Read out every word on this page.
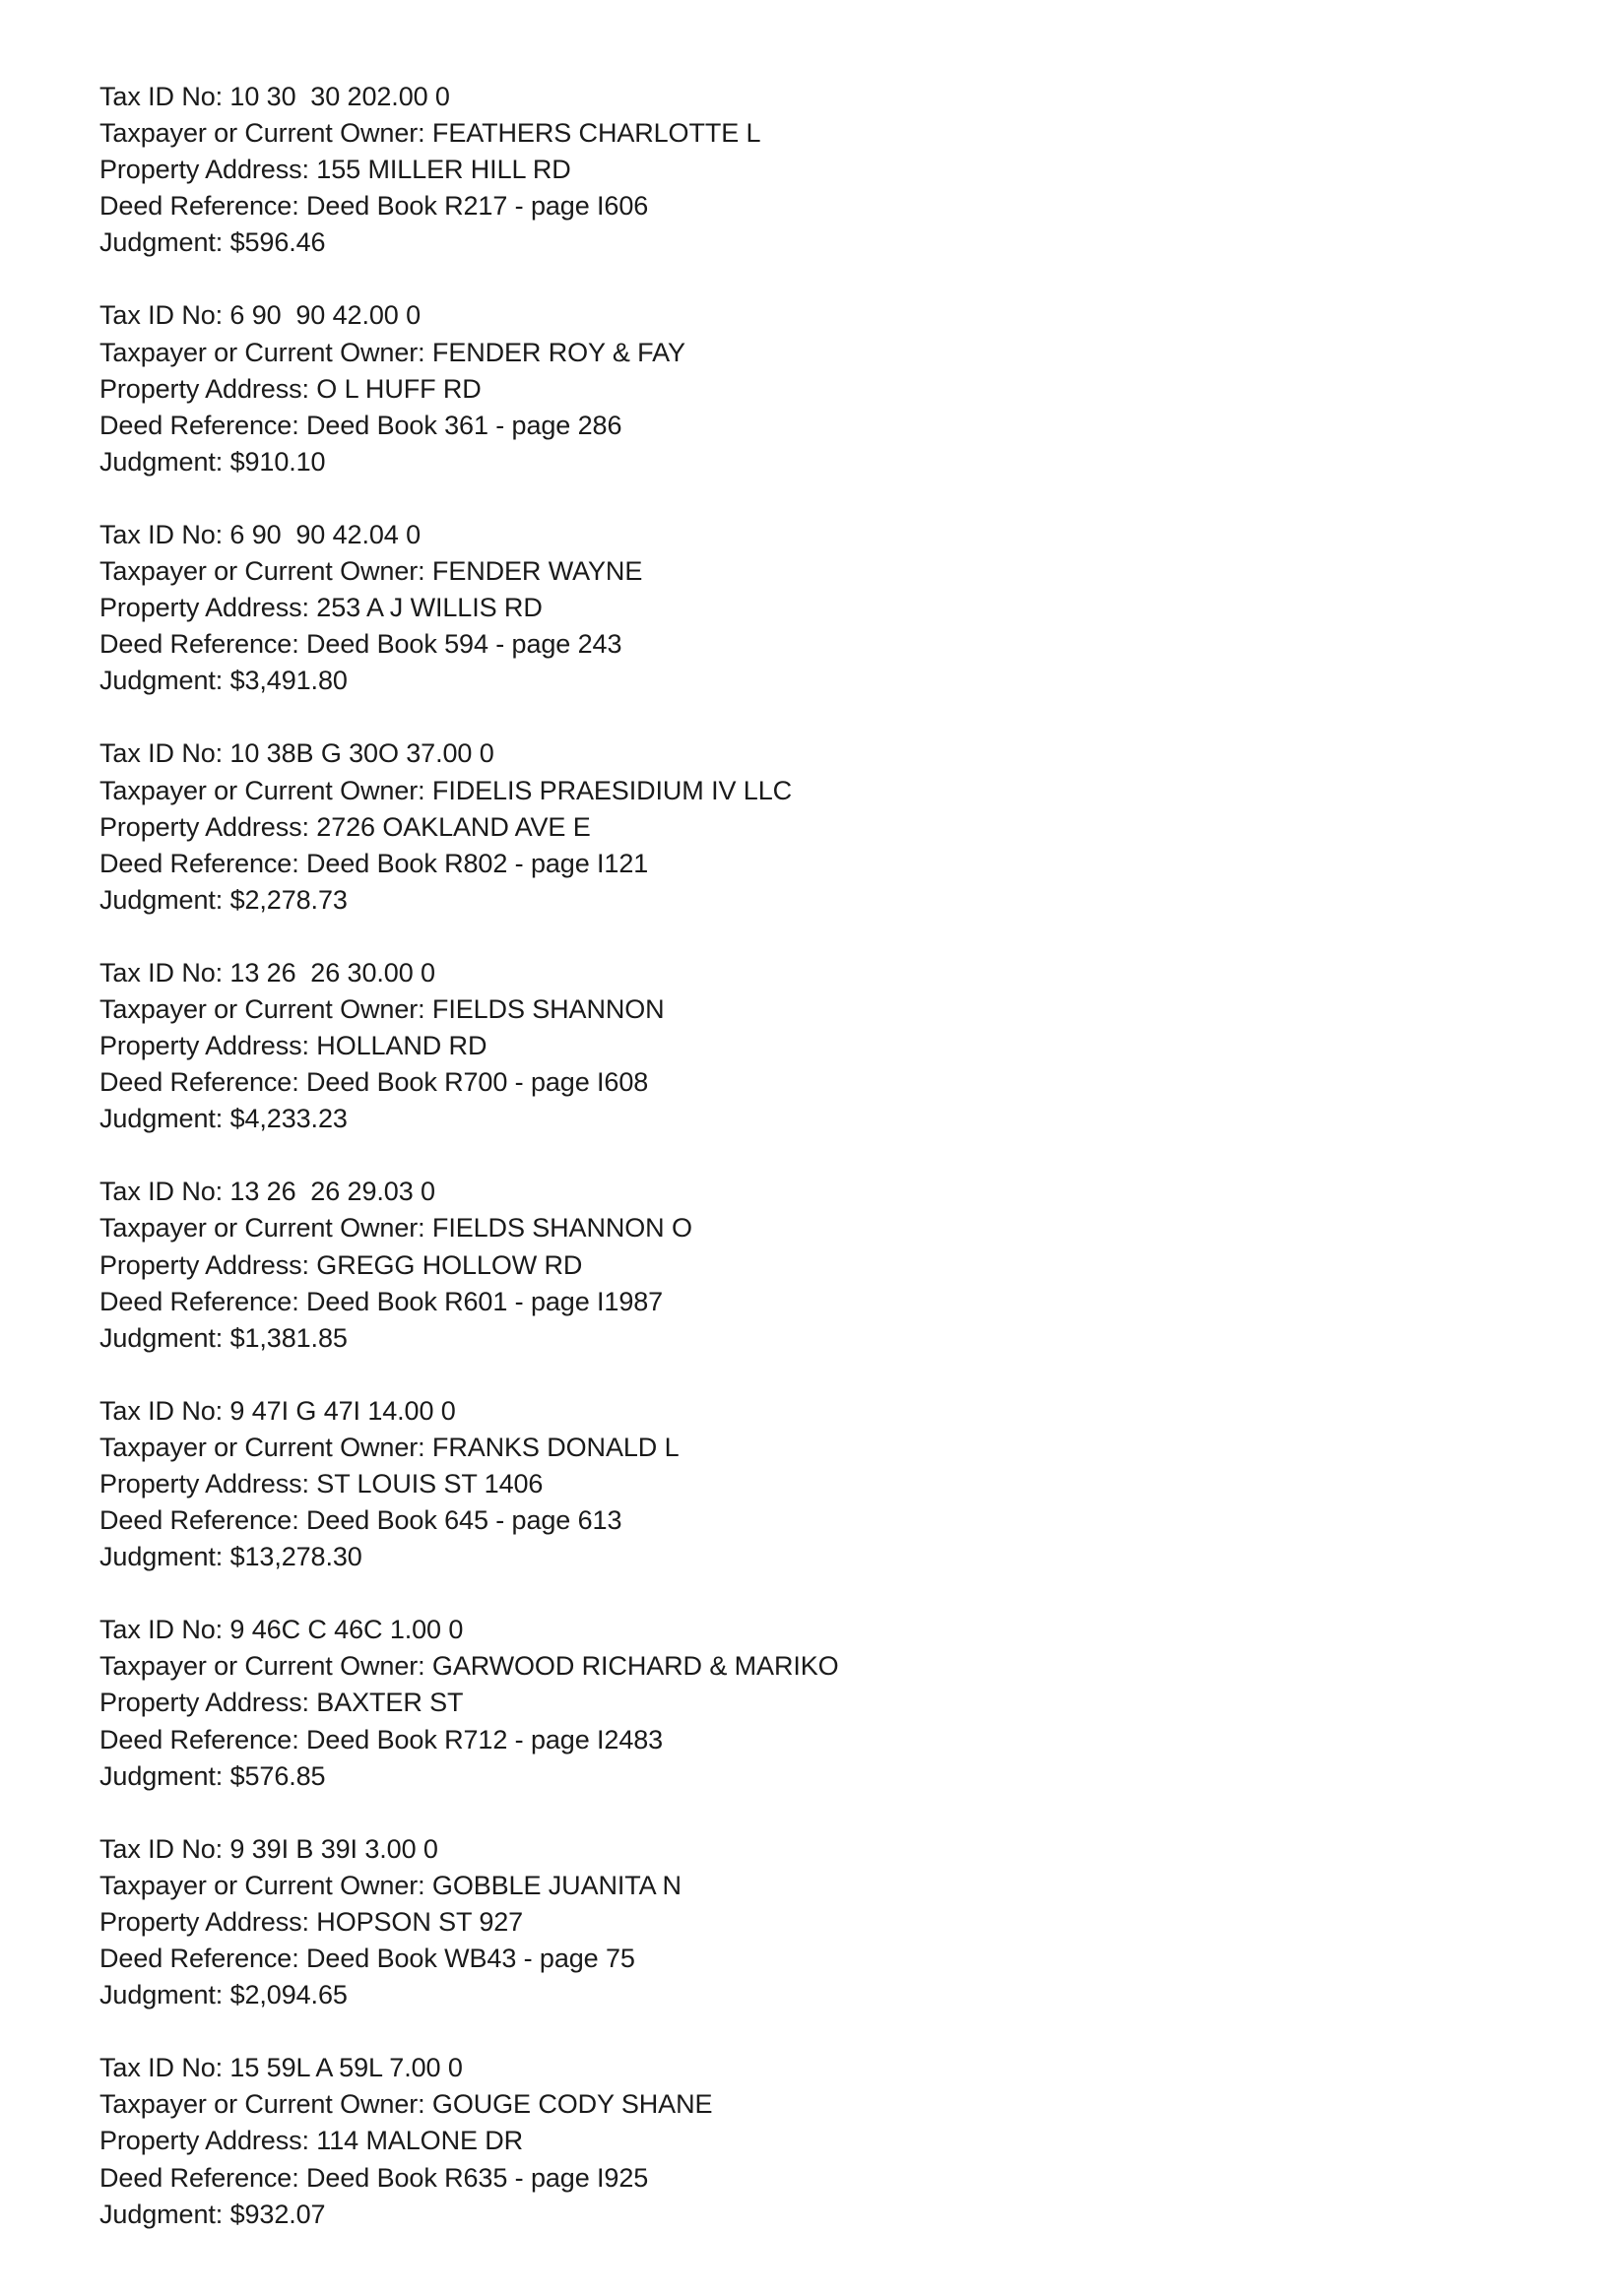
Tax ID No: 10 30  30 202.00 0
Taxpayer or Current Owner: FEATHERS CHARLOTTE L
Property Address: 155 MILLER HILL RD
Deed Reference: Deed Book R217 - page I606
Judgment: $596.46
Tax ID No: 6 90  90 42.00 0
Taxpayer or Current Owner: FENDER ROY & FAY
Property Address: O L HUFF RD
Deed Reference: Deed Book 361 - page 286
Judgment: $910.10
Tax ID No: 6 90  90 42.04 0
Taxpayer or Current Owner: FENDER WAYNE
Property Address: 253 A J WILLIS RD
Deed Reference: Deed Book 594 - page 243
Judgment: $3,491.80
Tax ID No: 10 38B G 30O 37.00 0
Taxpayer or Current Owner: FIDELIS PRAESIDIUM IV LLC
Property Address: 2726 OAKLAND AVE E
Deed Reference: Deed Book R802 - page I121
Judgment: $2,278.73
Tax ID No: 13 26  26 30.00 0
Taxpayer or Current Owner: FIELDS SHANNON
Property Address: HOLLAND RD
Deed Reference: Deed Book R700 - page I608
Judgment: $4,233.23
Tax ID No: 13 26  26 29.03 0
Taxpayer or Current Owner: FIELDS SHANNON O
Property Address: GREGG HOLLOW RD
Deed Reference: Deed Book R601 - page I1987
Judgment: $1,381.85
Tax ID No: 9 47I G 47I 14.00 0
Taxpayer or Current Owner: FRANKS DONALD L
Property Address: ST LOUIS ST 1406
Deed Reference: Deed Book 645 - page 613
Judgment: $13,278.30
Tax ID No: 9 46C C 46C 1.00 0
Taxpayer or Current Owner: GARWOOD RICHARD & MARIKO
Property Address: BAXTER ST
Deed Reference: Deed Book R712 - page I2483
Judgment: $576.85
Tax ID No: 9 39I B 39I 3.00 0
Taxpayer or Current Owner: GOBBLE JUANITA N
Property Address: HOPSON ST 927
Deed Reference: Deed Book WB43 - page 75
Judgment: $2,094.65
Tax ID No: 15 59L A 59L 7.00 0
Taxpayer or Current Owner: GOUGE CODY SHANE
Property Address: 114 MALONE DR
Deed Reference: Deed Book R635 - page I925
Judgment: $932.07
